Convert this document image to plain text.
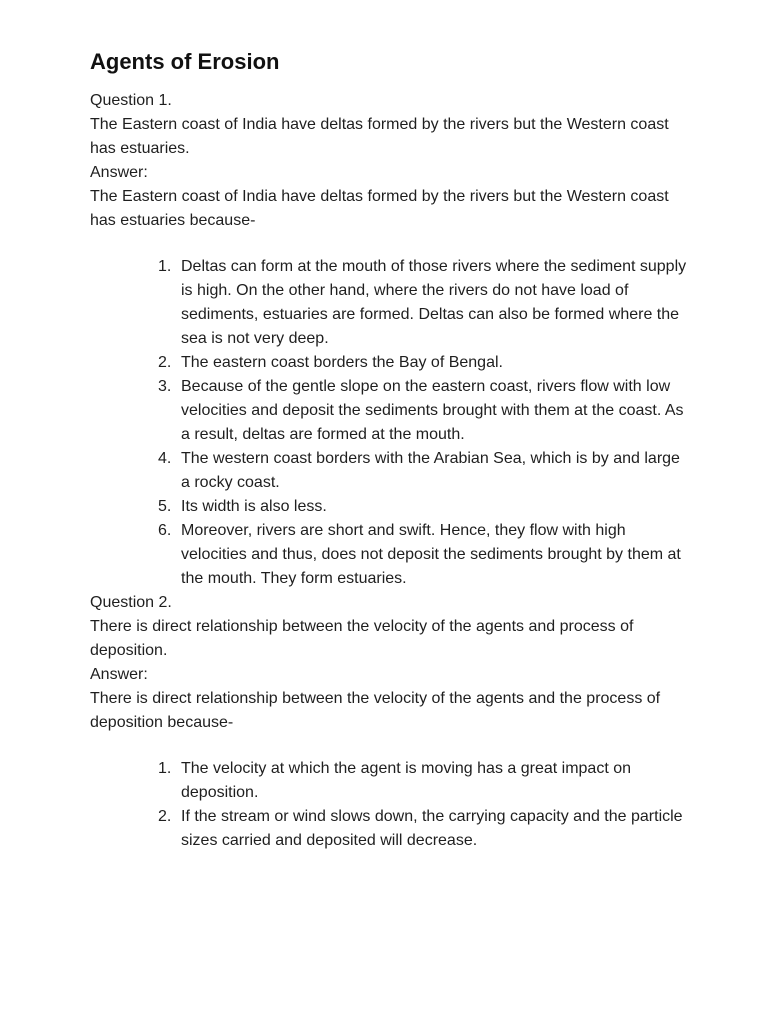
Agents of Erosion

Question 1.

The Eastern coast of India have deltas formed by the rivers but the Western coast has estuaries.

Answer:

The Eastern coast of India have deltas formed by the rivers but the Western coast has estuaries because-

1. Deltas can form at the mouth of those rivers where the sediment supply is high. On the other hand, where the rivers do not have load of sediments, estuaries are formed. Deltas can also be formed where the sea is not very deep.
2. The eastern coast borders the Bay of Bengal.
3. Because of the gentle slope on the eastern coast, rivers flow with low velocities and deposit the sediments brought with them at the coast. As a result, deltas are formed at the mouth.
4. The western coast borders with the Arabian Sea, which is by and large a rocky coast.
5. Its width is also less.
6. Moreover, rivers are short and swift. Hence, they flow with high velocities and thus, does not deposit the sediments brought by them at the mouth. They form estuaries.

Question 2.

There is direct relationship between the velocity of the agents and process of deposition.

Answer:

There is direct relationship between the velocity of the agents and the process of deposition because-

1. The velocity at which the agent is moving has a great impact on deposition.
2. If the stream or wind slows down, the carrying capacity and the particle sizes carried and deposited will decrease.
